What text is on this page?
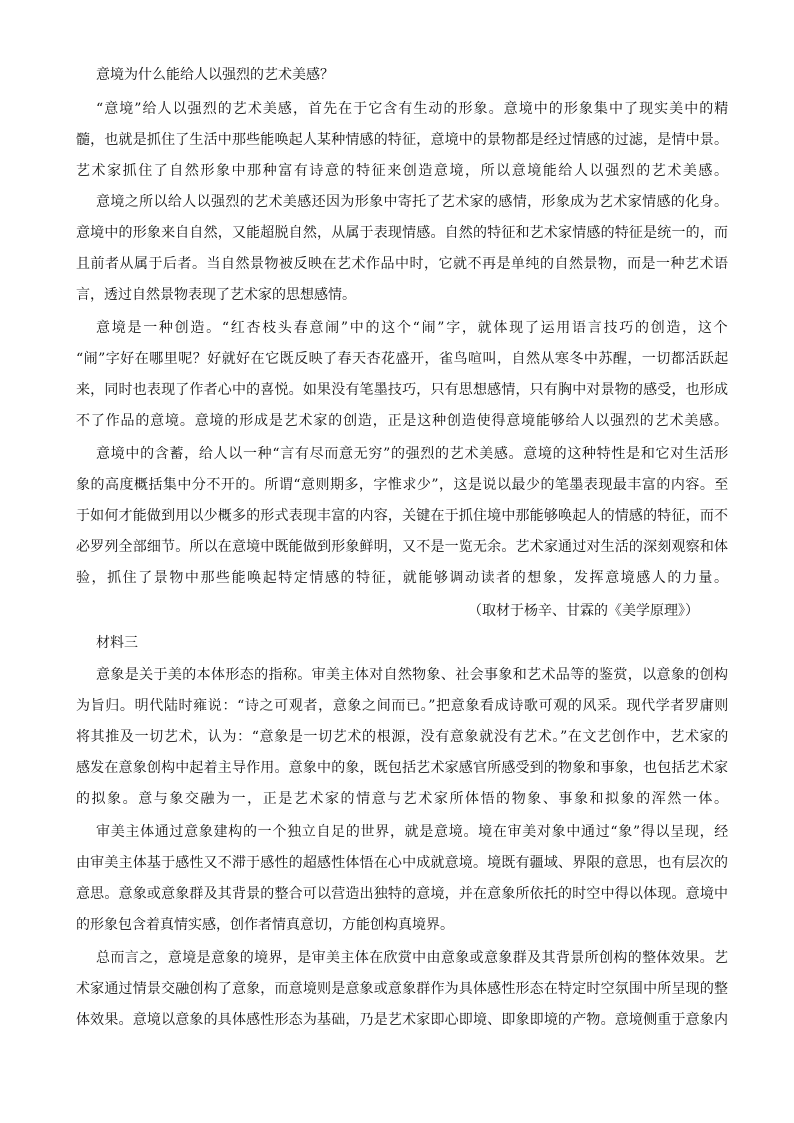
意境为什么能给人以强烈的艺术美感？
“意境”给人以强烈的艺术美感，首先在于它含有生动的形象。意境中的形象集中了现实美中的精
髓，也就是抓住了生活中那些能唤起人某种情感的特征，意境中的景物都是经过情感的过滤，是情中景。
艺术家抓住了自然形象中那种富有诗意的特征来创造意境，所以意境能给人以强烈的艺术美感。
意境之所以给人以强烈的艺术美感还因为形象中寄托了艺术家的感情，形象成为艺术家情感的化身。
意境中的形象来自自然，又能超脱自然，从属于表现情感。自然的特征和艺术家情感的特征是统一的，而
且前者从属于后者。当自然景物被反映在艺术作品中时，它就不再是单纯的自然景物，而是一种艺术语
言，透过自然景物表现了艺术家的思想感情。
意境是一种创造。“红杏枝头春意闹”中的这个“闹”字，就体现了运用语言技巧的创造，这个
“闹”字好在哪里呢？好就好在它既反映了春天杏花盛开，雀鸟喧叫，自然从寒冬中苏醒，一切都活跃起
来，同时也表现了作者心中的喜悦。如果没有笔墨技巧，只有思想感情，只有胸中对景物的感受，也形成
不了作品的意境。意境的形成是艺术家的创造，正是这种创造使得意境能够给人以强烈的艺术美感。
意境中的含蓄，给人以一种“言有尽而意无穷”的强烈的艺术美感。意境的这种特性是和它对生活形
象的高度概括集中分不开的。所谓“意则期多，字惟求少”，这是说以最少的笔墨表现最丰富的内容。至
于如何才能做到用以少概多的形式表现丰富的内容，关键在于抓住境中那能够唤起人的情感的特征，而不
必罗列全部细节。所以在意境中既能做到形象鲜明，又不是一览无余。艺术家通过对生活的深刻观察和体
验，抓住了景物中那些能唤起特定情感的特征，就能够调动读者的想象，发挥意境感人的力量。
（取材于杨辛、甘霖的《美学原理》）
材料三
意象是关于美的本体形态的指称。审美主体对自然物象、社会事象和艺术品等的鉴赏，以意象的创构
为旨归。明代陆时雍说：“诗之可观者，意象之间而已。”把意象看成诗歌可观的风采。现代学者罗庸则
将其推及一切艺术，认为：“意象是一切艺术的根源，没有意象就没有艺术。”在文艺创作中，艺术家的
感发在意象创构中起着主导作用。意象中的象，既包括艺术家感官所感受到的物象和事象，也包括艺术家
的拟象。意与象交融为一，正是艺术家的情意与艺术家所体悟的物象、事象和拟象的浑然一体。
审美主体通过意象建构的一个独立自足的世界，就是意境。境在审美对象中通过“象”得以呈现，经
由审美主体基于感性又不滞于感性的超感性体悟在心中成就意境。境既有疆域、界限的意思，也有层次的
意思。意象或意象群及其背景的整合可以营造出独特的意境，并在意象所依托的时空中得以体现。意境中
的形象包含着真情实感，创作者情真意切，方能创构真境界。
总而言之，意境是意象的境界，是审美主体在欣赏中由意象或意象群及其背景所创构的整体效果。艺
术家通过情景交融创构了意象，而意境则是意象或意象群作为具体感性形态在特定时空氛围中所呈现的整
体效果。意境以意象的具体感性形态为基础，乃是艺术家即心即境、即象即境的产物。意境侧重于意象内
